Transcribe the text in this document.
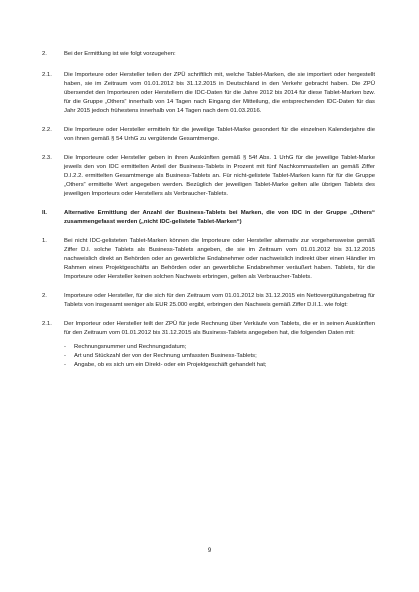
2.	Bei der Ermittlung ist wie folgt vorzugehen:
2.1.	Die Importeure oder Hersteller teilen der ZPÜ schriftlich mit, welche Tablet-Marken, die sie importiert oder hergestellt haben, sie im Zeitraum vom 01.01.2012 bis 31.12.2015 in Deutschland in den Verkehr gebracht haben. Die ZPÜ übersendet den Importeuren oder Herstellern die IDC-Daten für die Jahre 2012 bis 2014 für diese Tablet-Marken bzw. für die Gruppe „Others“ innerhalb von 14 Tagen nach Eingang der Mitteilung, die entsprechenden IDC-Daten für das Jahr 2015 jedoch frühestens innerhalb von 14 Tagen nach dem 01.03.2016.
2.2.	Die Importeure oder Hersteller ermitteln für die jeweilige Tablet-Marke gesondert für die einzelnen Kalenderjahre die von ihnen gemäß § 54 UrhG zu vergütende Gesamtmenge.
2.3.	Die Importeure oder Hersteller geben in ihren Auskünften gemäß § 54f Abs. 1 UrhG für die jeweilige Tablet-Marke jeweils den von IDC ermittelten Anteil der Business-Tablets in Prozent mit fünf Nachkommastellen an gemäß Ziffer D.I.2.2. ermittelten Gesamtmenge als Business-Tablets an. Für nicht-gelistete Tablet-Marken kann für für die Gruppe „Others“ ermittelte Wert angegeben werden. Bezüglich der jeweiligen Tablet-Marke gelten alle übrigen Tablets des jeweiligen Importeurs oder Herstellers als Verbraucher-Tablets.
II.	Alternative Ermittlung der Anzahl der Business-Tablets bei Marken, die von IDC in der Gruppe „Others“ zusammengefasst werden („nicht IDC-gelistete Tablet-Marken“)
1.	Bei nicht IDC-gelisteten Tablet-Marken können die Importeure oder Hersteller alternativ zur vorgehensweise gemäß Ziffer D.I. solche Tablets als Business-Tablets angeben, die sie im Zeitraum vom 01.01.2012 bis 31.12.2015 nachweislich direkt an Behörden oder an gewerbliche Endabnehmer oder nachweislich indirekt über einen Händler im Rahmen eines Projektgeschäfts an Behörden oder an gewerbliche Endabnehmer veräußert haben. Tablets, für die Importeure oder Hersteller keinen solchen Nachweis erbringen, gelten als Verbraucher-Tablets.
2.	Importeure oder Hersteller, für die sich für den Zeitraum vom 01.01.2012 bis 31.12.2015 ein Nettovergütungsbetrag für Tablets von insgesamt weniger als EUR 25.000 ergibt, erbringen den Nachweis gemäß Ziffer D.II.1. wie folgt:
2.1.	Der Importeur oder Hersteller teilt der ZPÜ für jede Rechnung über Verkäufe von Tablets, die er in seinen Auskünften für den Zeitraum vom 01.01.2012 bis 31.12.2015 als Business-Tablets angegeben hat, die folgenden Daten mit:
-	Rechnungsnummer und Rechnungsdatum;
-	Art und Stückzahl der von der Rechnung umfassten Business-Tablets;
-	Angabe, ob es sich um ein Direkt- oder ein Projektgeschäft gehandelt hat;
9
